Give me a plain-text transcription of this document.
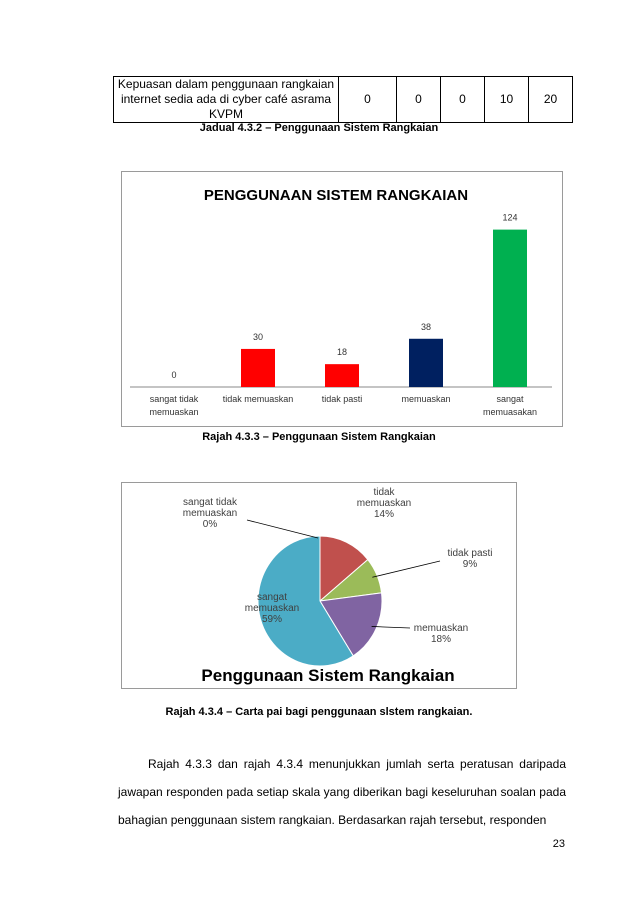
Kepuasan dalam penggunaan rangkaian internet sedia ada di cyber café asrama KVPM	0	0	0	10	20
Jadual 4.3.2 – Penggunaan Sistem Rangkaian
PENGGUNAAN SISTEM RANGKAIAN
0
sangat tidak
memuaskan
30
tidak memuaskan
18
tidak pasti
38
memuaskan
124
sangat
memuasakan
Rajah 4.3.3 – Penggunaan Sistem Rangkaian
sangat tidak
memuaskan
0%
tidak
memuaskan
14%
tidak pasti
9%
memuaskan
18%
sangat
memuaskan
59%
Penggunaan Sistem Rangkaian
Rajah 4.3.4 – Carta pai bagi penggunaan slstem rangkaian.

Rajah 4.3.3 dan rajah 4.3.4 menunjukkan jumlah serta peratusan daripada jawapan responden pada setiap skala yang diberikan bagi keseluruhan soalan pada bahagian penggunaan sistem rangkaian. Berdasarkan rajah tersebut, responden

23
